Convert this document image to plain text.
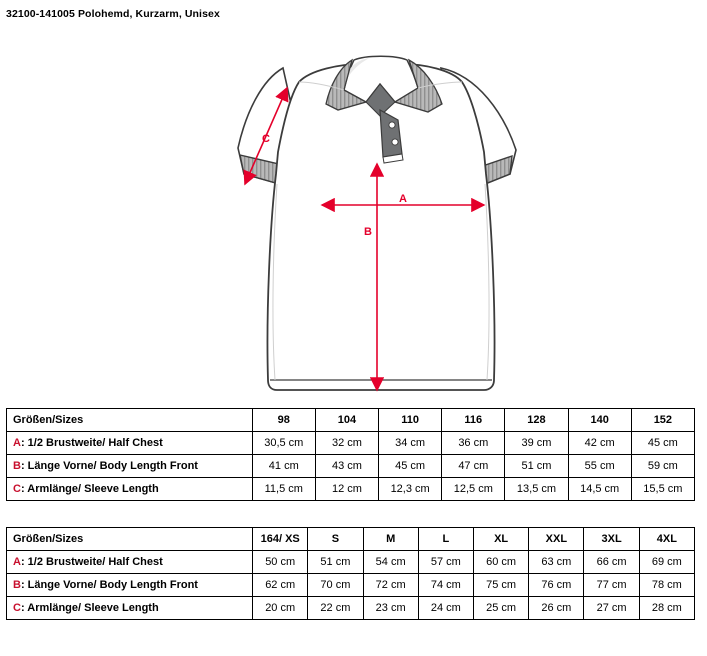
32100-141005 Polohemd, Kurzarm, Unisex
A
B
C
Größen/Sizes	98	104	110	116	128	140	152
A: 1/2 Brustweite/ Half Chest	30,5 cm	32 cm	34 cm	36 cm	39 cm	42 cm	45 cm
B: Länge Vorne/ Body Length Front	41 cm	43 cm	45 cm	47 cm	51 cm	55 cm	59 cm
C: Armlänge/ Sleeve Length	11,5 cm	12 cm	12,3 cm	12,5 cm	13,5 cm	14,5 cm	15,5 cm
Größen/Sizes	164/ XS	S	M	L	XL	XXL	3XL	4XL
A: 1/2 Brustweite/ Half Chest	50 cm	51 cm	54 cm	57 cm	60 cm	63 cm	66 cm	69 cm
B: Länge Vorne/ Body Length Front	62 cm	70 cm	72 cm	74 cm	75 cm	76 cm	77 cm	78 cm
C: Armlänge/ Sleeve Length	20 cm	22 cm	23 cm	24 cm	25 cm	26 cm	27 cm	28 cm
